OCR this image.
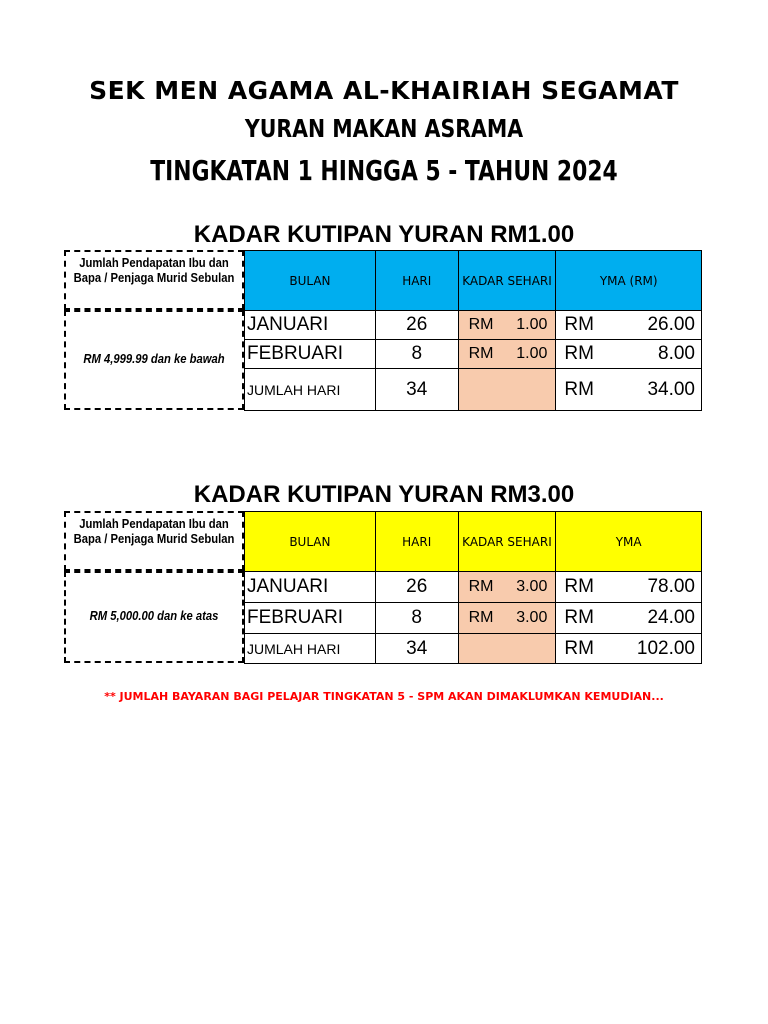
SEK MEN AGAMA AL-KHAIRIAH SEGAMAT
YURAN MAKAN ASRAMA
TINGKATAN 1 HINGGA 5 - TAHUN 2024
KADAR KUTIPAN YURAN RM1.00
Jumlah Pendapatan Ibu dan Bapa / Penjaga Murid Sebulan
RM 4,999.99 dan ke bawah
BULAN	HARI	KADAR SEHARI	YMA (RM)
JANUARI	26	RM 1.00	RM 26.00

FEBRUARI	8	RM 1.00	RM 8.00

JUMLAH HARI	34		RM 34.00
KADAR KUTIPAN YURAN RM3.00
Jumlah Pendapatan Ibu dan Bapa / Penjaga Murid Sebulan
RM 5,000.00 dan ke atas
BULAN	HARI	KADAR SEHARI	YMA
JANUARI	26	RM 3.00	RM 78.00

FEBRUARI	8	RM 3.00	RM 24.00

JUMLAH HARI	34		RM 102.00
** JUMLAH BAYARAN BAGI PELAJAR TINGKATAN 5 - SPM AKAN DIMAKLUMKAN KEMUDIAN...
